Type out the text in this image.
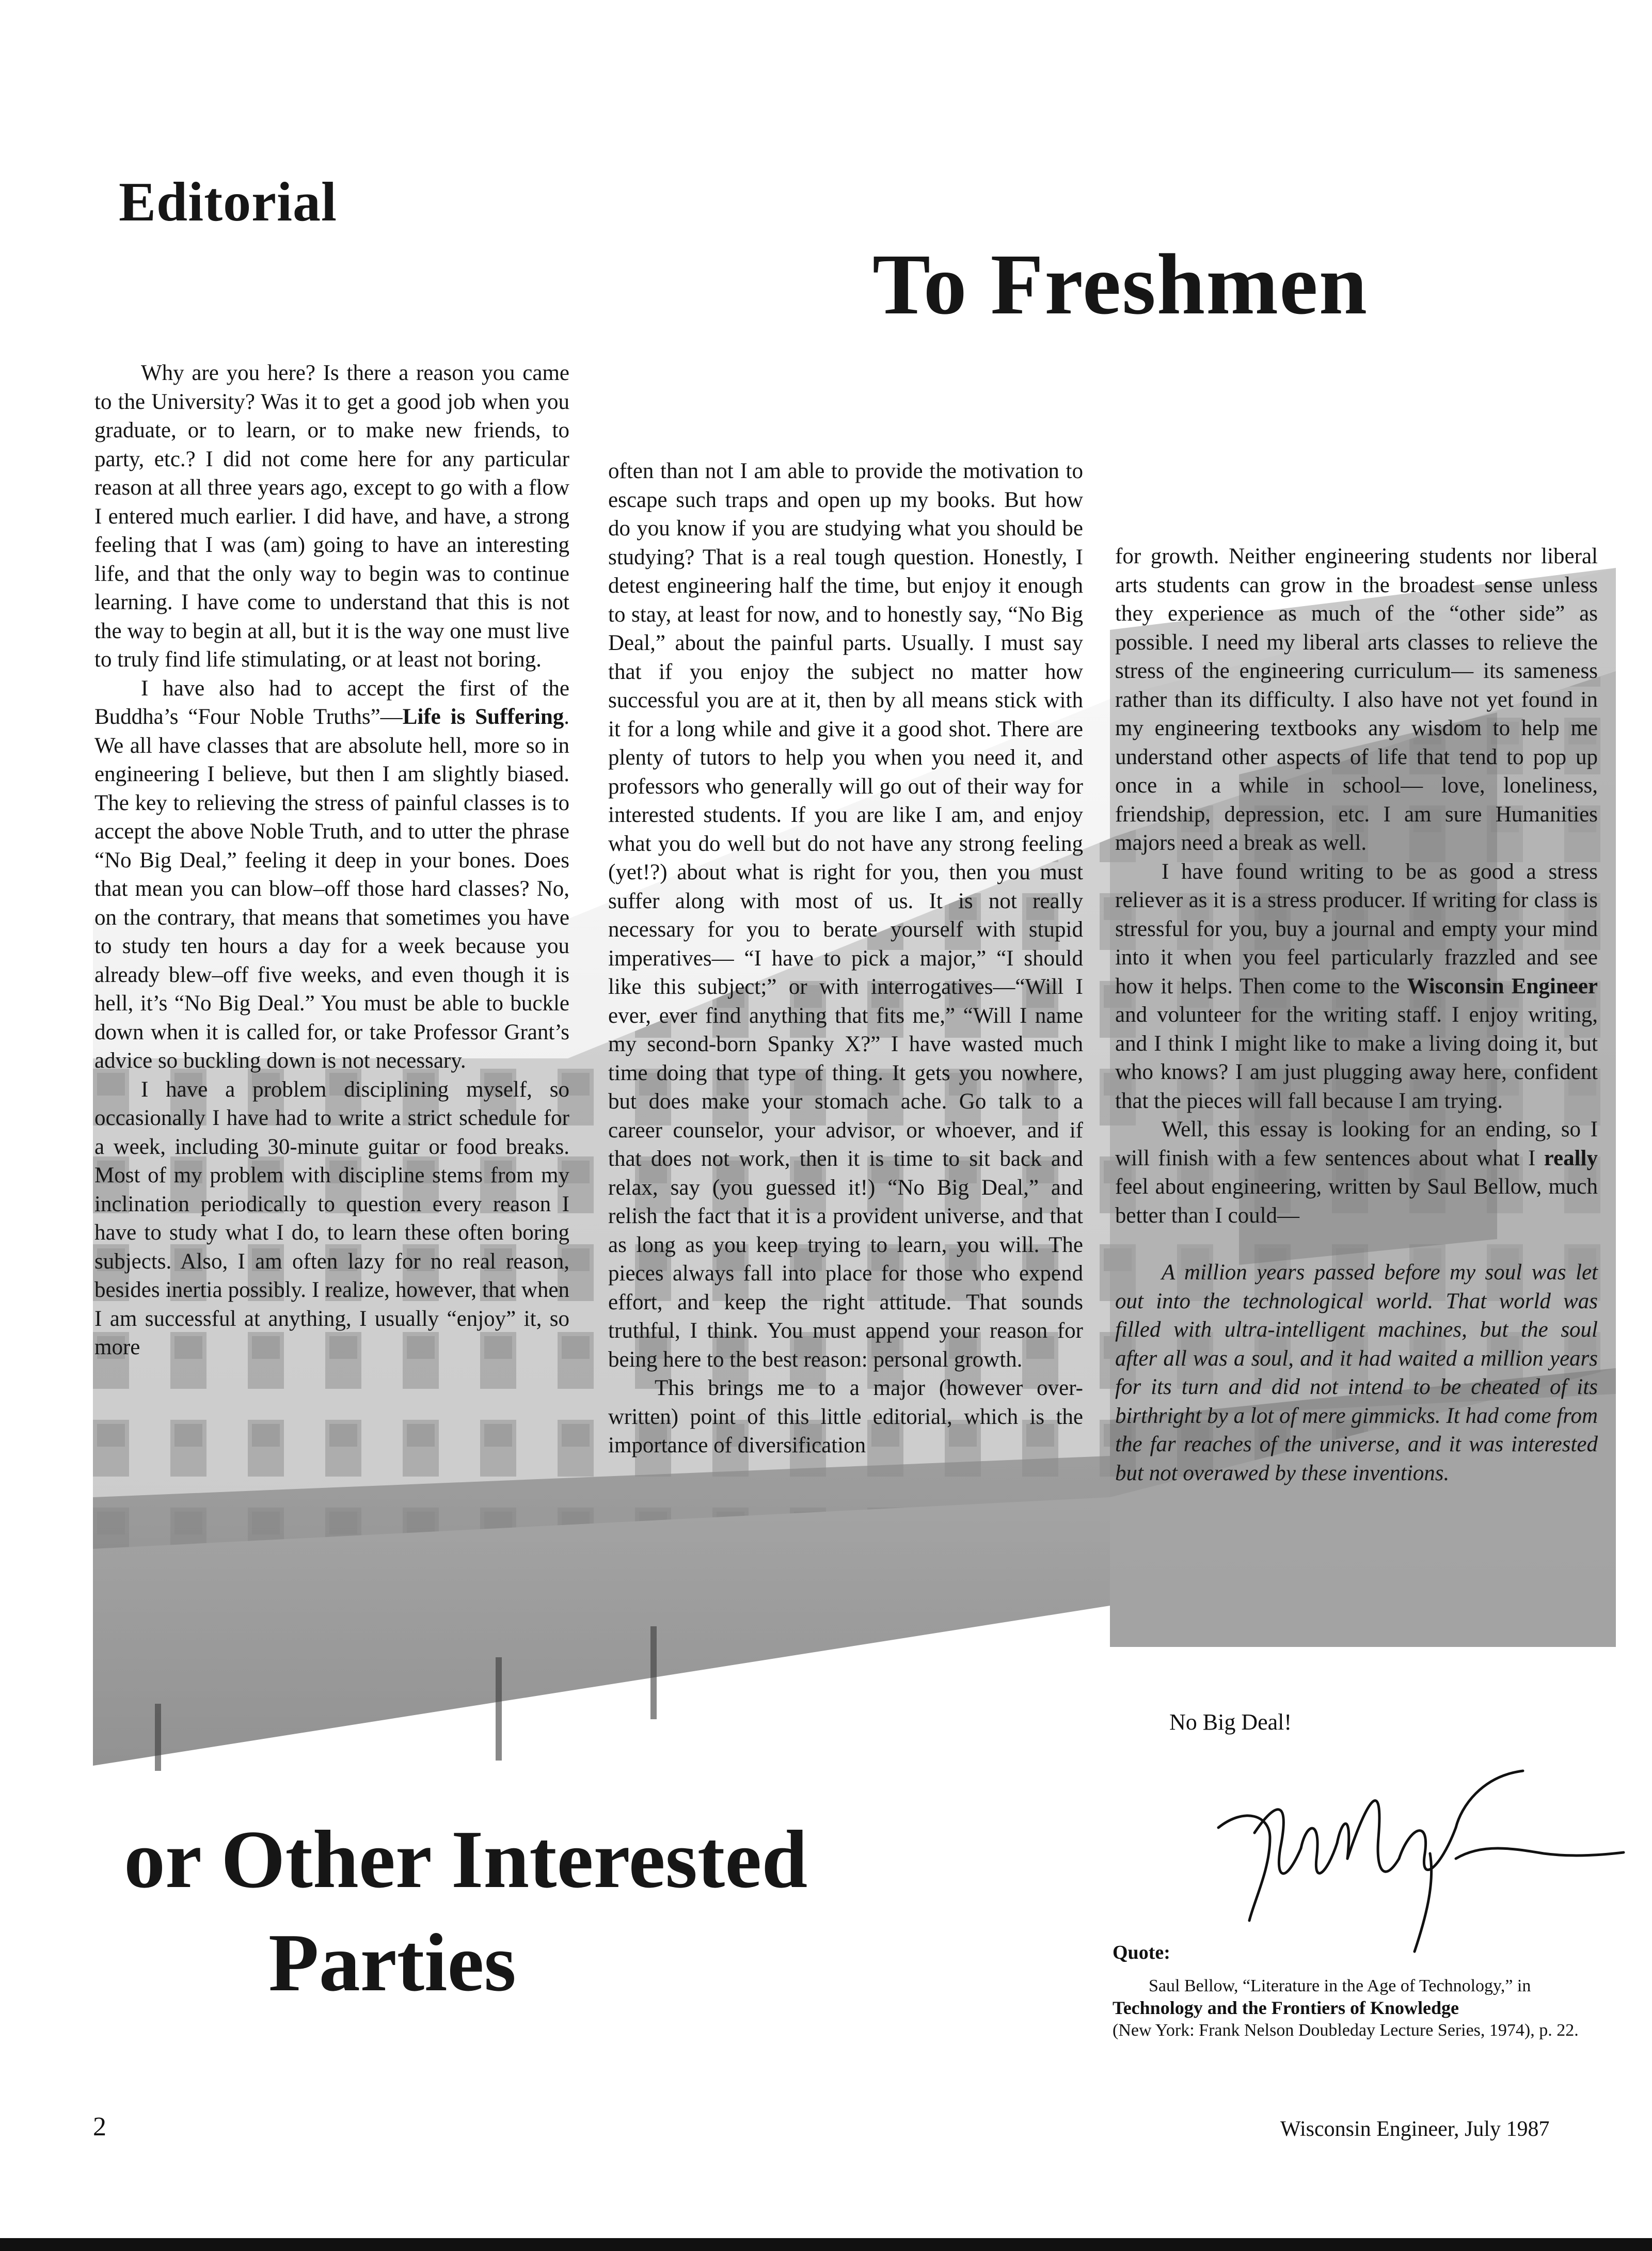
Editorial
To Freshmen

Why are you here? Is there a reason you came to the University? Was it to get a good job when you graduate, or to learn, or to make new friends, to party, etc.? I did not come here for any particular reason at all three years ago, except to go with a flow I entered much earlier. I did have, and have, a strong feeling that I was (am) going to have an interesting life, and that the only way to begin was to continue learning. I have come to understand that this is not the way to begin at all, but it is the way one must live to truly find life stimulating, or at least not boring.

I have also had to accept the first of the Buddha’s “Four Noble Truths”—Life is Suffering. We all have classes that are absolute hell, more so in engineering I believe, but then I am slightly biased. The key to relieving the stress of painful classes is to accept the above Noble Truth, and to utter the phrase “No Big Deal,” feeling it deep in your bones. Does that mean you can blow–off those hard classes? No, on the contrary, that means that sometimes you have to study ten hours a day for a week because you already blew–off five weeks, and even though it is hell, it’s “No Big Deal.” You must be able to buckle down when it is called for, or take Professor Grant’s advice so buckling down is not necessary.

I have a problem disciplining myself, so occasionally I have had to write a strict schedule for a week, including 30-minute guitar or food breaks. Most of my problem with discipline stems from my inclination periodically to question every reason I have to study what I do, to learn these often boring subjects. Also, I am often lazy for no real reason, besides inertia possibly. I realize, however, that when I am successful at anything, I usually “enjoy” it, so more

often than not I am able to provide the motivation to escape such traps and open up my books. But how do you know if you are studying what you should be studying? That is a real tough question. Honestly, I detest engineering half the time, but enjoy it enough to stay, at least for now, and to honestly say, “No Big Deal,” about the painful parts. Usually. I must say that if you enjoy the subject no matter how successful you are at it, then by all means stick with it for a long while and give it a good shot. There are plenty of tutors to help you when you need it, and professors who generally will go out of their way for interested students. If you are like I am, and enjoy what you do well but do not have any strong feeling (yet!?) about what is right for you, then you must suffer along with most of us. It is not really necessary for you to berate yourself with stupid imperatives— “I have to pick a major,” “I should like this subject;” or with interrogatives—“Will I ever, ever find anything that fits me,” “Will I name my second-born Spanky X?” I have wasted much time doing that type of thing. It gets you nowhere, but does make your stomach ache. Go talk to a career counselor, your advisor, or whoever, and if that does not work, then it is time to sit back and relax, say (you guessed it!) “No Big Deal,” and relish the fact that it is a provident universe, and that as long as you keep trying to learn, you will. The pieces always fall into place for those who expend effort, and keep the right attitude. That sounds truthful, I think. You must append your reason for being here to the best reason: personal growth.

This brings me to a major (however over-written) point of this little editorial, which is the importance of diversification

for growth. Neither engineering students nor liberal arts students can grow in the broadest sense unless they experience as much of the “other side” as possible. I need my liberal arts classes to relieve the stress of the engineering curriculum— its sameness rather than its difficulty. I also have not yet found in my engineering textbooks any wisdom to help me understand other aspects of life that tend to pop up once in a while in school— love, loneliness, friendship, depression, etc. I am sure Humanities majors need a break as well.

I have found writing to be as good a stress reliever as it is a stress producer. If writing for class is stressful for you, buy a journal and empty your mind into it when you feel particularly frazzled and see how it helps. Then come to the Wisconsin Engineer and volunteer for the writing staff. I enjoy writing, and I think I might like to make a living doing it, but who knows? I am just plugging away here, confident that the pieces will fall because I am trying.

Well, this essay is looking for an ending, so I will finish with a few sentences about what I really feel about engineering, written by Saul Bellow, much better than I could—

A million years passed before my soul was let out into the technological world. That world was filled with ultra-intelligent machines, but the soul after all was a soul, and it had waited a million years for its turn and did not intend to be cheated of its birthright by a lot of mere gimmicks. It had come from the far reaches of the universe, and it was interested but not overawed by these inventions.

No Big Deal!
Quote:

Saul Bellow, “Literature in the Age of Technology,” in

Technology and the Frontiers of Knowledge

(New York: Frank Nelson Doubleday Lecture Series, 1974), p. 22.

or Other Interested
Parties
2	Wisconsin Engineer, July 1987
